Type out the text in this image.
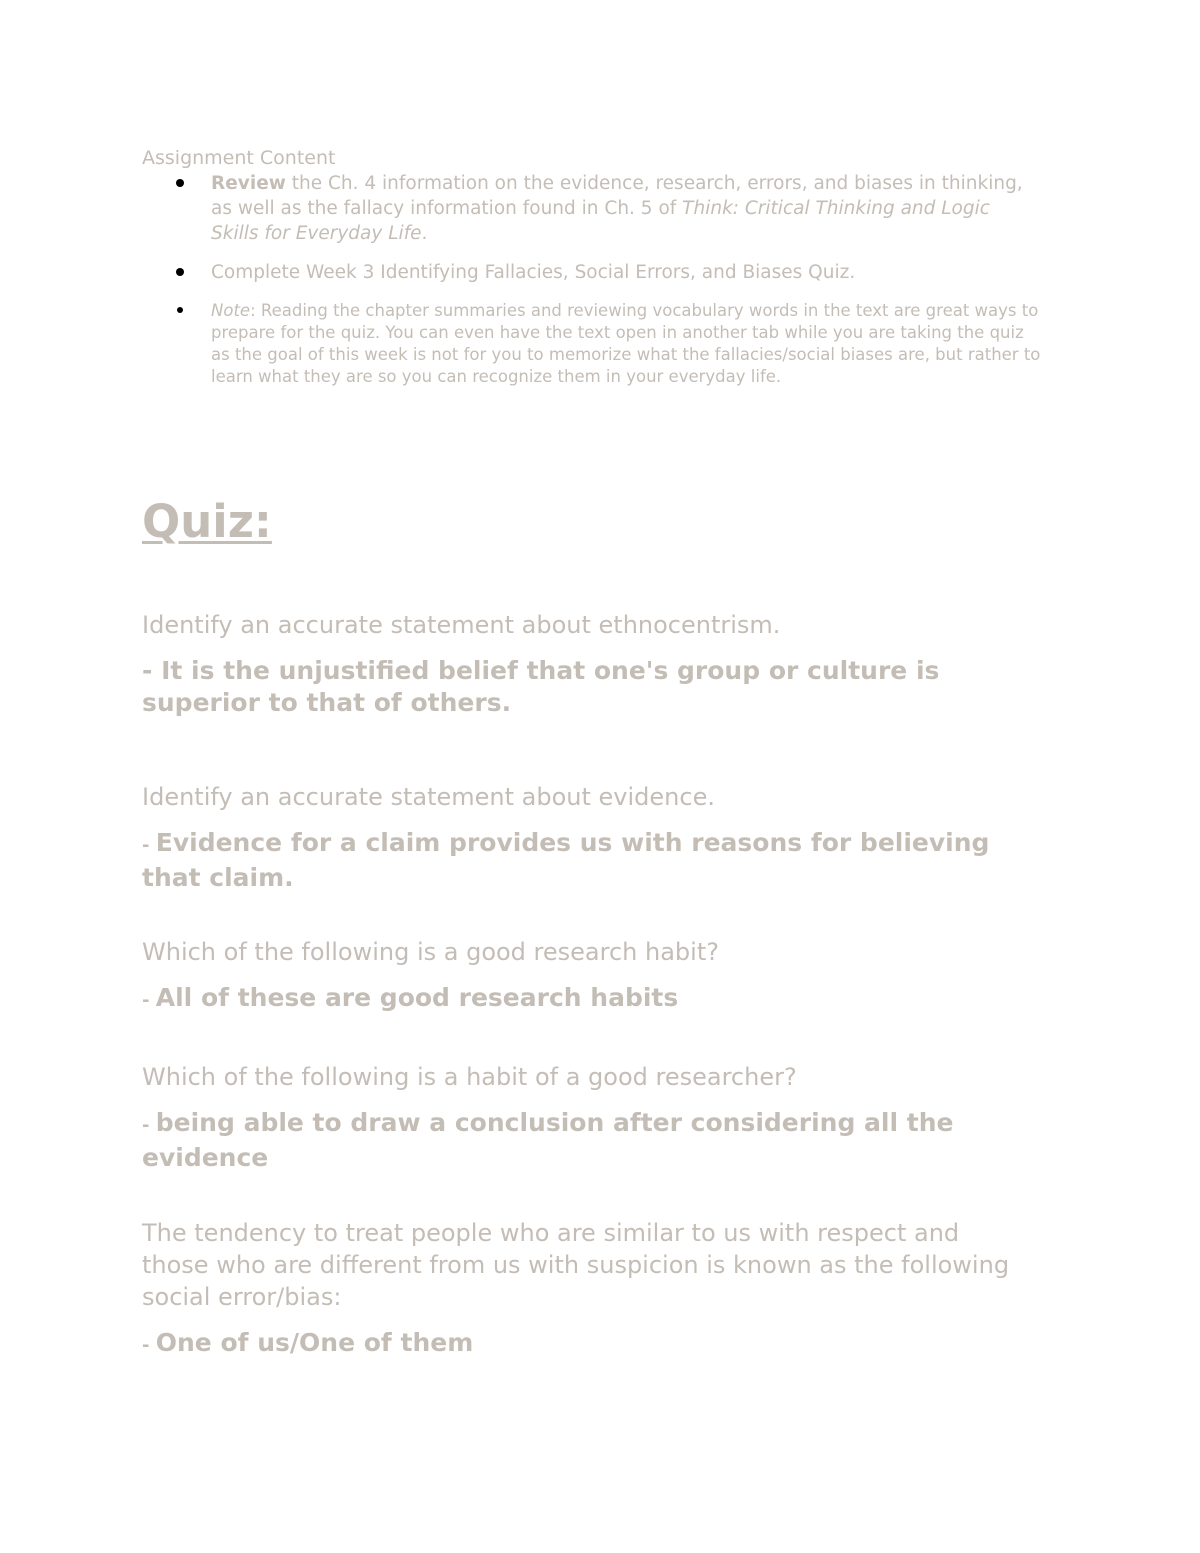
Assignment Content
Review the Ch. 4 information on the evidence, research, errors, and biases in thinking, as well as the fallacy information found in Ch. 5 of Think: Critical Thinking and Logic Skills for Everyday Life.
Complete Week 3 Identifying Fallacies, Social Errors, and Biases Quiz.
Note: Reading the chapter summaries and reviewing vocabulary words in the text are great ways to prepare for the quiz. You can even have the text open in another tab while you are taking the quiz as the goal of this week is not for you to memorize what the fallacies/social biases are, but rather to learn what they are so you can recognize them in your everyday life.
Quiz:

Identify an accurate statement about ethnocentrism.

- It is the unjustified belief that one's group or culture is superior to that of others.

Identify an accurate statement about evidence.

- Evidence for a claim provides us with reasons for believing that claim.

Which of the following is a good research habit?

- All of these are good research habits

Which of the following is a habit of a good researcher?

- being able to draw a conclusion after considering all the evidence

The tendency to treat people who are similar to us with respect and those who are different from us with suspicion is known as the following social error/bias:

- One of us/One of them
